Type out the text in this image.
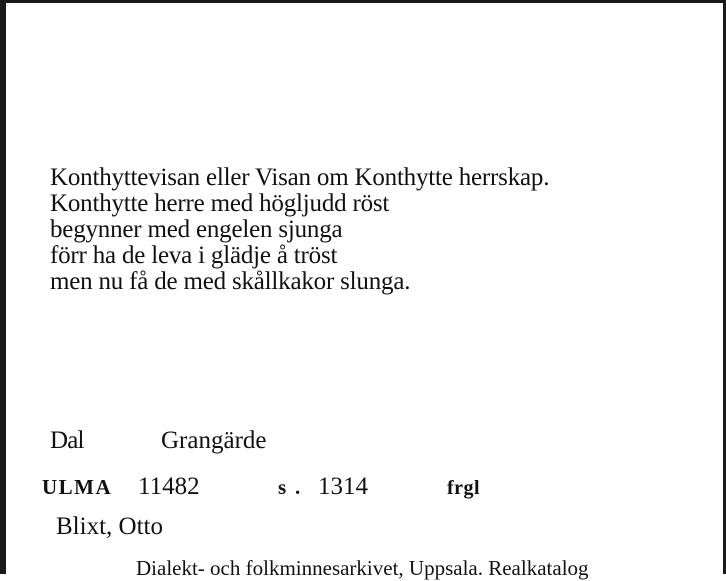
Konthyttevisan eller Visan om Konthytte herrskap.
Konthytte herre med högljudd röst
begynner med engelen sjunga
förr ha de leva i glädje å tröst
men nu få de med skållkakor slunga.
Dal	Grangärde
ULMA 11482	s . 1314	frgl
Blixt, Otto
Dialekt- och folkminnesarkivet, Uppsala. Realkatalog
